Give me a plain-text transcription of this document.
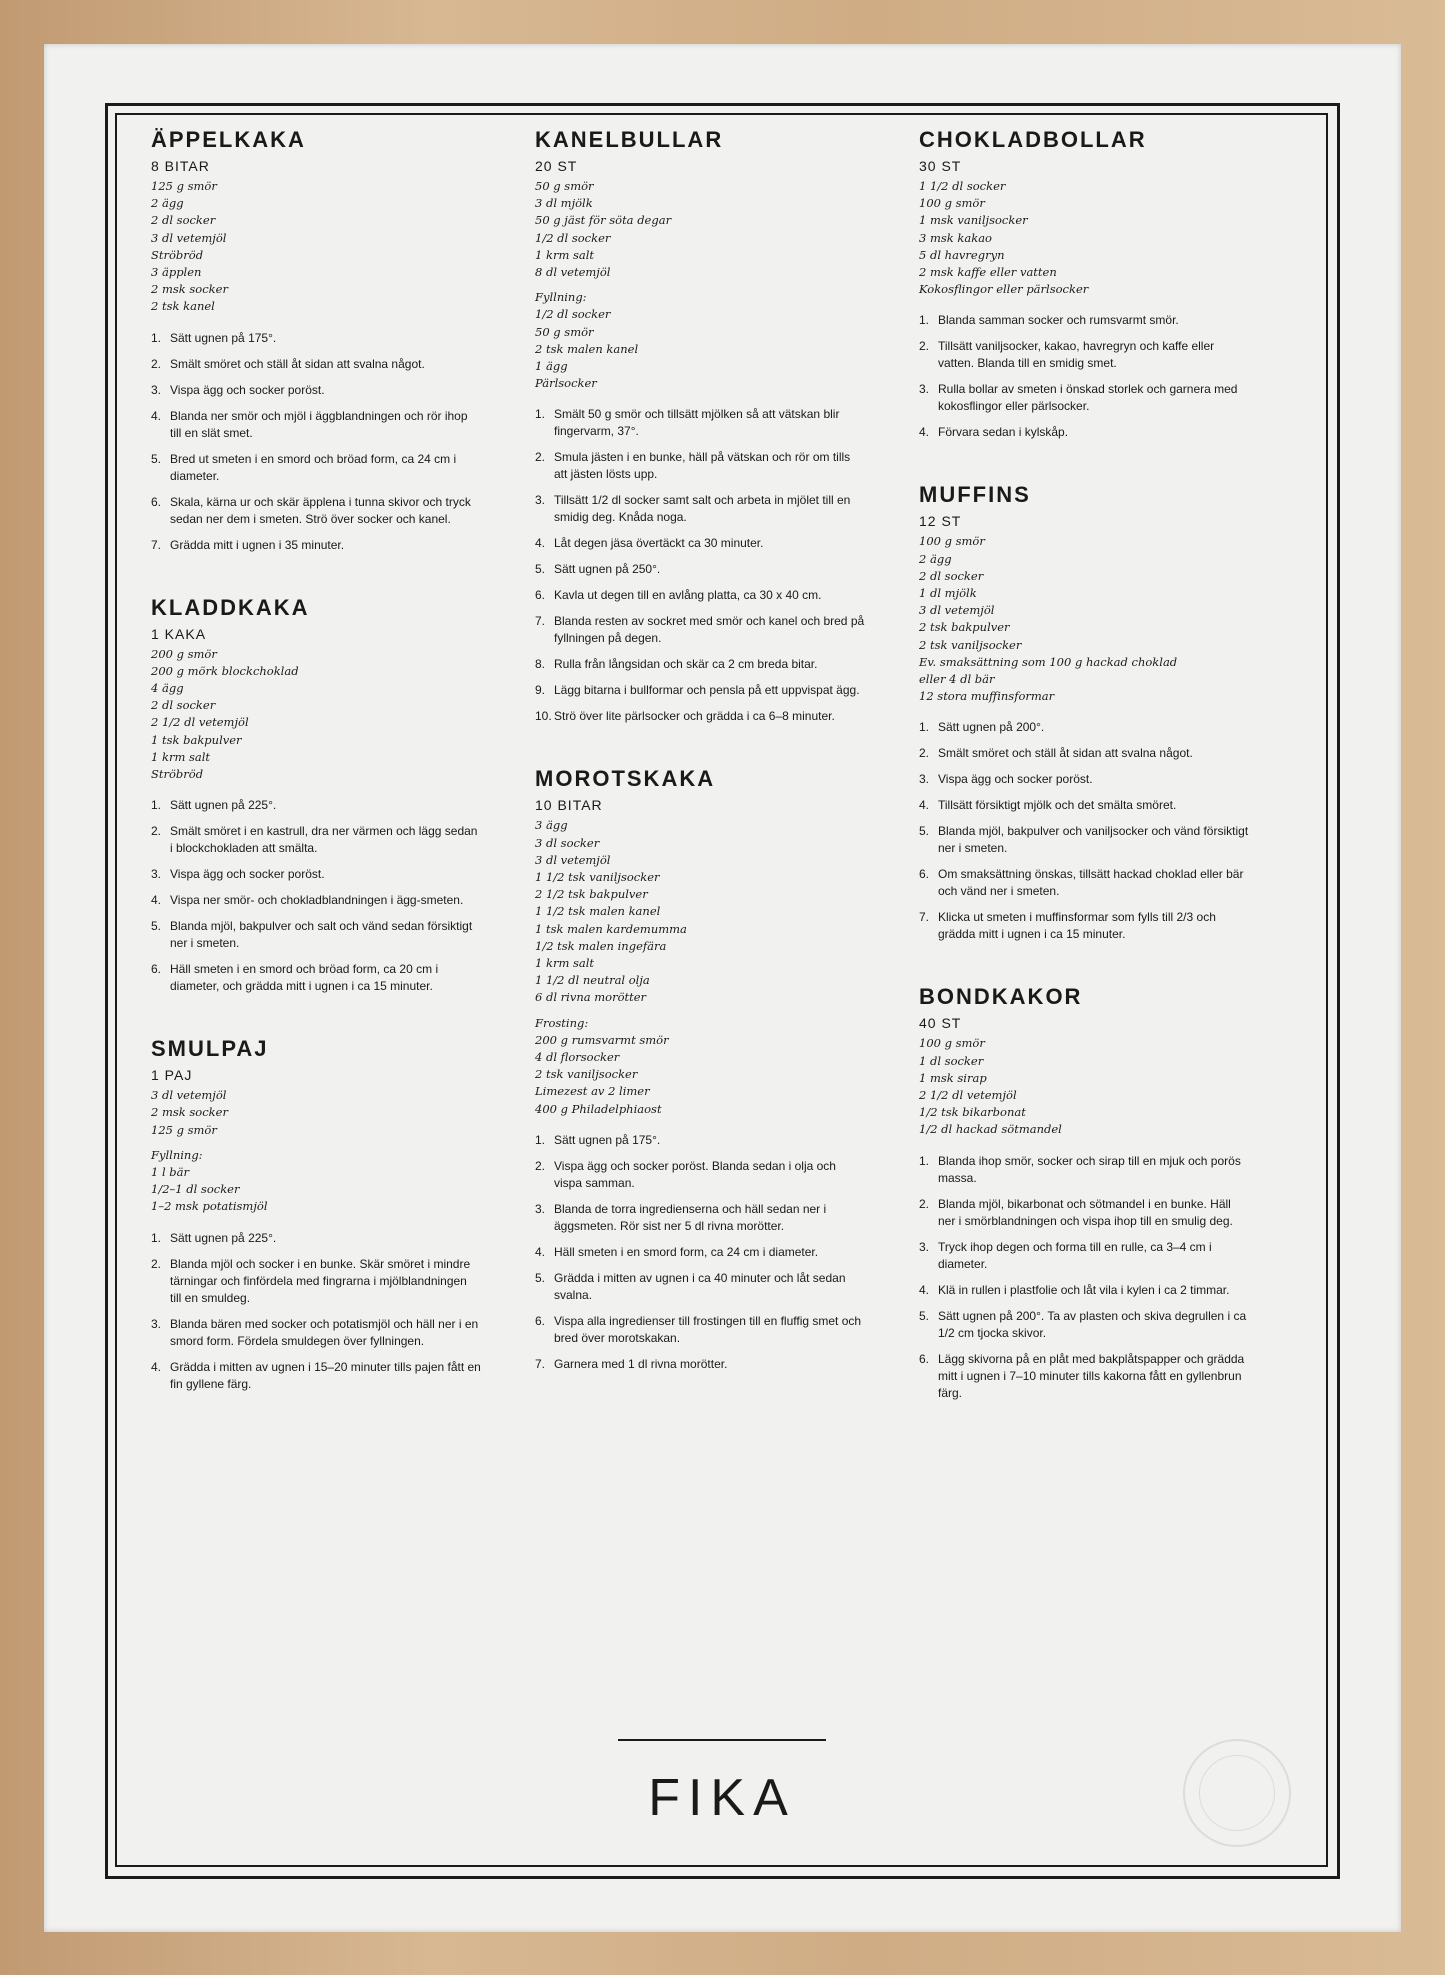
ÄPPELKAKA
8 BITAR
125 g smör
2 ägg
2 dl socker
3 dl vetemjöl
Ströbröd
3 äpplen
2 msk socker
2 tsk kanel
1. Sätt ugnen på 175°.
2. Smält smöret och ställ åt sidan att svalna något.
3. Vispa ägg och socker poröst.
4. Blanda ner smör och mjöl i äggblandningen och rör ihop till en slät smet.
5. Bred ut smeten i en smord och bröad form, ca 24 cm i diameter.
6. Skala, kärna ur och skär äpplena i tunna skivor och tryck sedan ner dem i smeten. Strö över socker och kanel.
7. Grädda mitt i ugnen i 35 minuter.
KLADDKAKA
1 KAKA
200 g smör
200 g mörk blockchoklad
4 ägg
2 dl socker
2 1/2 dl vetemjöl
1 tsk bakpulver
1 krm salt
Ströbröd
1. Sätt ugnen på 225°.
2. Smält smöret i en kastrull, dra ner värmen och lägg sedan i blockchokladen att smälta.
3. Vispa ägg och socker poröst.
4. Vispa ner smör- och chokladblandningen i ägg-smeten.
5. Blanda mjöl, bakpulver och salt och vänd sedan försiktigt ner i smeten.
6. Häll smeten i en smord och bröad form, ca 20 cm i diameter, och grädda mitt i ugnen i ca 15 minuter.
SMULPAJ
1 PAJ
3 dl vetemjöl
2 msk socker
125 g smör
Fyllning:
1 l bär
1/2–1 dl socker
1–2 msk potatismjöl
1. Sätt ugnen på 225°.
2. Blanda mjöl och socker i en bunke. Skär smöret i mindre tärningar och finfördela med fingrarna i mjölblandningen till en smuldeg.
3. Blanda bären med socker och potatismjöl och häll ner i en smord form. Fördela smuldegen över fyllningen.
4. Grädda i mitten av ugnen i 15–20 minuter tills pajen fått en fin gyllene färg.
KANELBULLAR
20 ST
50 g smör
3 dl mjölk
50 g jäst för söta degar
1/2 dl socker
1 krm salt
8 dl vetemjöl
Fyllning:
1/2 dl socker
50 g smör
2 tsk malen kanel
1 ägg
Pärlsocker
1. Smält 50 g smör och tillsätt mjölken så att vätskan blir fingervarm, 37°.
2. Smula jästen i en bunke, häll på vätskan och rör om tills att jästen lösts upp.
3. Tillsätt 1/2 dl socker samt salt och arbeta in mjölet till en smidig deg. Knåda noga.
4. Låt degen jäsa övertäckt ca 30 minuter.
5. Sätt ugnen på 250°.
6. Kavla ut degen till en avlång platta, ca 30 x 40 cm.
7. Blanda resten av sockret med smör och kanel och bred på fyllningen på degen.
8. Rulla från långsidan och skär ca 2 cm breda bitar.
9. Lägg bitarna i bullformar och pensla på ett uppvispat ägg.
10. Strö över lite pärlsocker och grädda i ca 6–8 minuter.
MOROTSKAKA
10 BITAR
3 ägg
3 dl socker
3 dl vetemjöl
1 1/2 tsk vaniljsocker
2 1/2 tsk bakpulver
1 1/2 tsk malen kanel
1 tsk malen kardemumma
1/2 tsk malen ingefära
1 krm salt
1 1/2 dl neutral olja
6 dl rivna morötter
Frosting:
200 g rumsvarmt smör
4 dl florsocker
2 tsk vaniljsocker
Limezest av 2 limer
400 g Philadelphiaost
1. Sätt ugnen på 175°.
2. Vispa ägg och socker poröst. Blanda sedan i olja och vispa samman.
3. Blanda de torra ingredienserna och häll sedan ner i äggsmeten. Rör sist ner 5 dl rivna morötter.
4. Häll smeten i en smord form, ca 24 cm i diameter.
5. Grädda i mitten av ugnen i ca 40 minuter och låt sedan svalna.
6. Vispa alla ingredienser till frostingen till en fluffig smet och bred över morotskakan.
7. Garnera med 1 dl rivna morötter.
CHOKLADBOLLAR
30 ST
1 1/2 dl socker
100 g smör
1 msk vaniljsocker
3 msk kakao
5 dl havregryn
2 msk kaffe eller vatten
Kokosflingor eller pärlsocker
1. Blanda samman socker och rumsvarmt smör.
2. Tillsätt vaniljsocker, kakao, havregryn och kaffe eller vatten. Blanda till en smidig smet.
3. Rulla bollar av smeten i önskad storlek och garnera med kokosflingor eller pärlsocker.
4. Förvara sedan i kylskåp.
MUFFINS
12 ST
100 g smör
2 ägg
2 dl socker
1 dl mjölk
3 dl vetemjöl
2 tsk bakpulver
2 tsk vaniljsocker
Ev. smaksättning som 100 g hackad choklad
eller 4 dl bär
12 stora muffinsformar
1. Sätt ugnen på 200°.
2. Smält smöret och ställ åt sidan att svalna något.
3. Vispa ägg och socker poröst.
4. Tillsätt försiktigt mjölk och det smälta smöret.
5. Blanda mjöl, bakpulver och vaniljsocker och vänd försiktigt ner i smeten.
6. Om smaksättning önskas, tillsätt hackad choklad eller bär och vänd ner i smeten.
7. Klicka ut smeten i muffinsformar som fylls till 2/3 och grädda mitt i ugnen i ca 15 minuter.
BONDKAKOR
40 ST
100 g smör
1 dl socker
1 msk sirap
2 1/2 dl vetemjöl
1/2 tsk bikarbonat
1/2 dl hackad sötmandel
1. Blanda ihop smör, socker och sirap till en mjuk och porös massa.
2. Blanda mjöl, bikarbonat och sötmandel i en bunke. Häll ner i smörblandningen och vispa ihop till en smulig deg.
3. Tryck ihop degen och forma till en rulle, ca 3–4 cm i diameter.
4. Klä in rullen i plastfolie och låt vila i kylen i ca 2 timmar.
5. Sätt ugnen på 200°. Ta av plasten och skiva degrullen i ca 1/2 cm tjocka skivor.
6. Lägg skivorna på en plåt med bakplåtspapper och grädda mitt i ugnen i 7–10 minuter tills kakorna fått en gyllenbrun färg.
FIKA
